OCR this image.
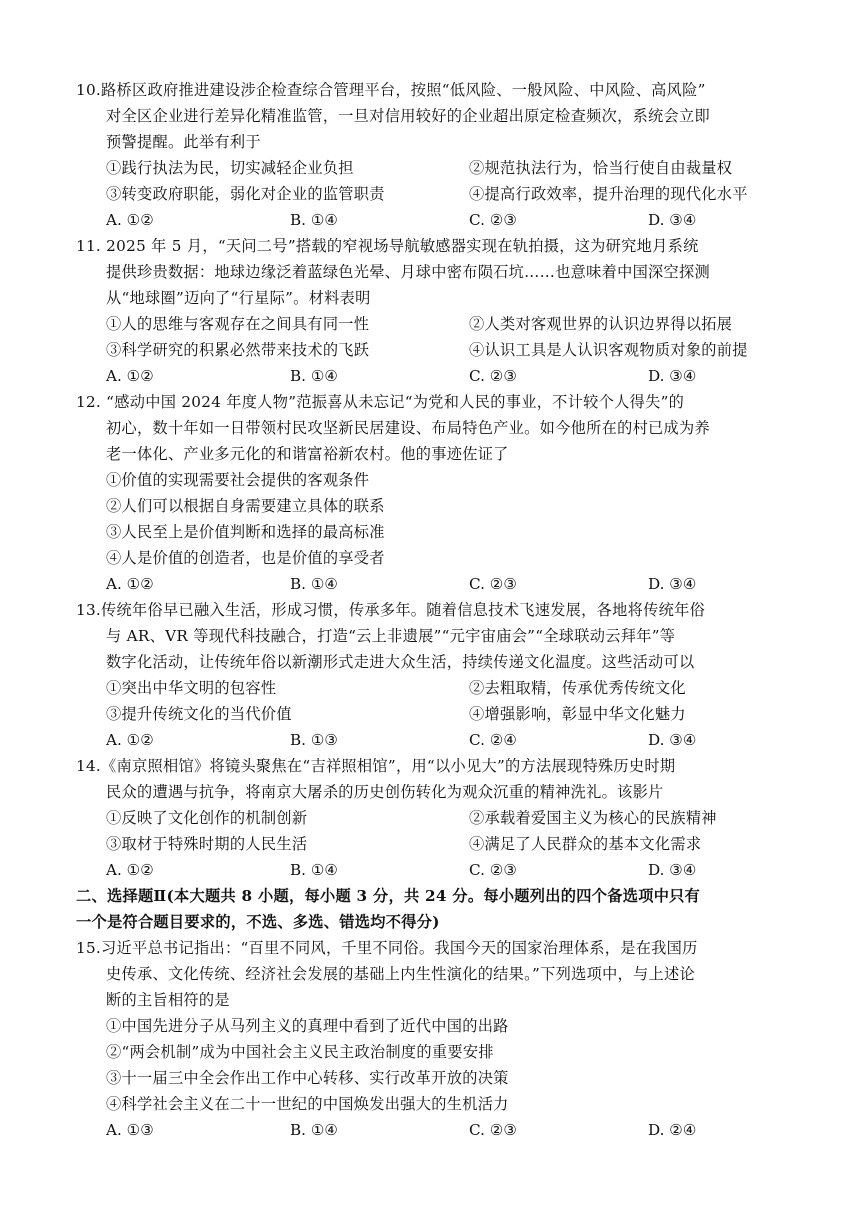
10.路桥区政府推进建设涉企检查综合管理平台，按照“低风险、一般风险、中风险、高风险”
对全区企业进行差异化精准监管，一旦对信用较好的企业超出原定检查频次，系统会立即
预警提醒。此举有利于
①践行执法为民，切实减轻企业负担	②规范执法行为，恰当行使自由裁量权
③转变政府职能，弱化对企业的监管职责	④提高行政效率，提升治理的现代化水平
A. ①②	B. ①④	C. ②③	D. ③④
11. 2025 年 5 月，“天问二号”搭载的窄视场导航敏感器实现在轨拍摄，这为研究地月系统
提供珍贵数据：地球边缘泛着蓝绿色光晕、月球中密布陨石坑……也意味着中国深空探测
从“地球圈”迈向了“行星际”。材料表明
①人的思维与客观存在之间具有同一性	②人类对客观世界的认识边界得以拓展
③科学研究的积累必然带来技术的飞跃	④认识工具是人认识客观物质对象的前提
A. ①②	B. ①④	C. ②③	D. ③④
12. “感动中国 2024 年度人物”范振喜从未忘记“为党和人民的事业，不计较个人得失”的
初心，数十年如一日带领村民攻坚新民居建设、布局特色产业。如今他所在的村已成为养
老一体化、产业多元化的和谐富裕新农村。他的事迹佐证了
①价值的实现需要社会提供的客观条件
②人们可以根据自身需要建立具体的联系
③人民至上是价值判断和选择的最高标准
④人是价值的创造者，也是价值的享受者
A. ①②	B. ①④	C. ②③	D. ③④
13.传统年俗早已融入生活，形成习惯，传承多年。随着信息技术飞速发展，各地将传统年俗
与 AR、VR 等现代科技融合，打造“云上非遗展”“元宇宙庙会”“全球联动云拜年”等
数字化活动，让传统年俗以新潮形式走进大众生活，持续传递文化温度。这些活动可以
①突出中华文明的包容性	②去粗取精，传承优秀传统文化
③提升传统文化的当代价值	④增强影响，彰显中华文化魅力
A. ①②	B. ①③	C. ②④	D. ③④
14.《南京照相馆》将镜头聚焦在“吉祥照相馆”，用“以小见大”的方法展现特殊历史时期
民众的遭遇与抗争，将南京大屠杀的历史创伤转化为观众沉重的精神洗礼。该影片
①反映了文化创作的机制创新	②承载着爱国主义为核心的民族精神
③取材于特殊时期的人民生活	④满足了人民群众的基本文化需求
A. ①②	B. ①④	C. ②③	D. ③④
二、选择题Ⅱ(本大题共 8 小题，每小题 3 分，共 24 分。每小题列出的四个备选项中只有
一个是符合题目要求的，不选、多选、错选均不得分)
15.习近平总书记指出：“百里不同风，千里不同俗。我国今天的国家治理体系，是在我国历
史传承、文化传统、经济社会发展的基础上内生性演化的结果。”下列选项中，与上述论
断的主旨相符的是
①中国先进分子从马列主义的真理中看到了近代中国的出路
②“两会机制”成为中国社会主义民主政治制度的重要安排
③十一届三中全会作出工作中心转移、实行改革开放的决策
④科学社会主义在二十一世纪的中国焕发出强大的生机活力
A. ①③	B. ①④	C. ②③	D. ②④
